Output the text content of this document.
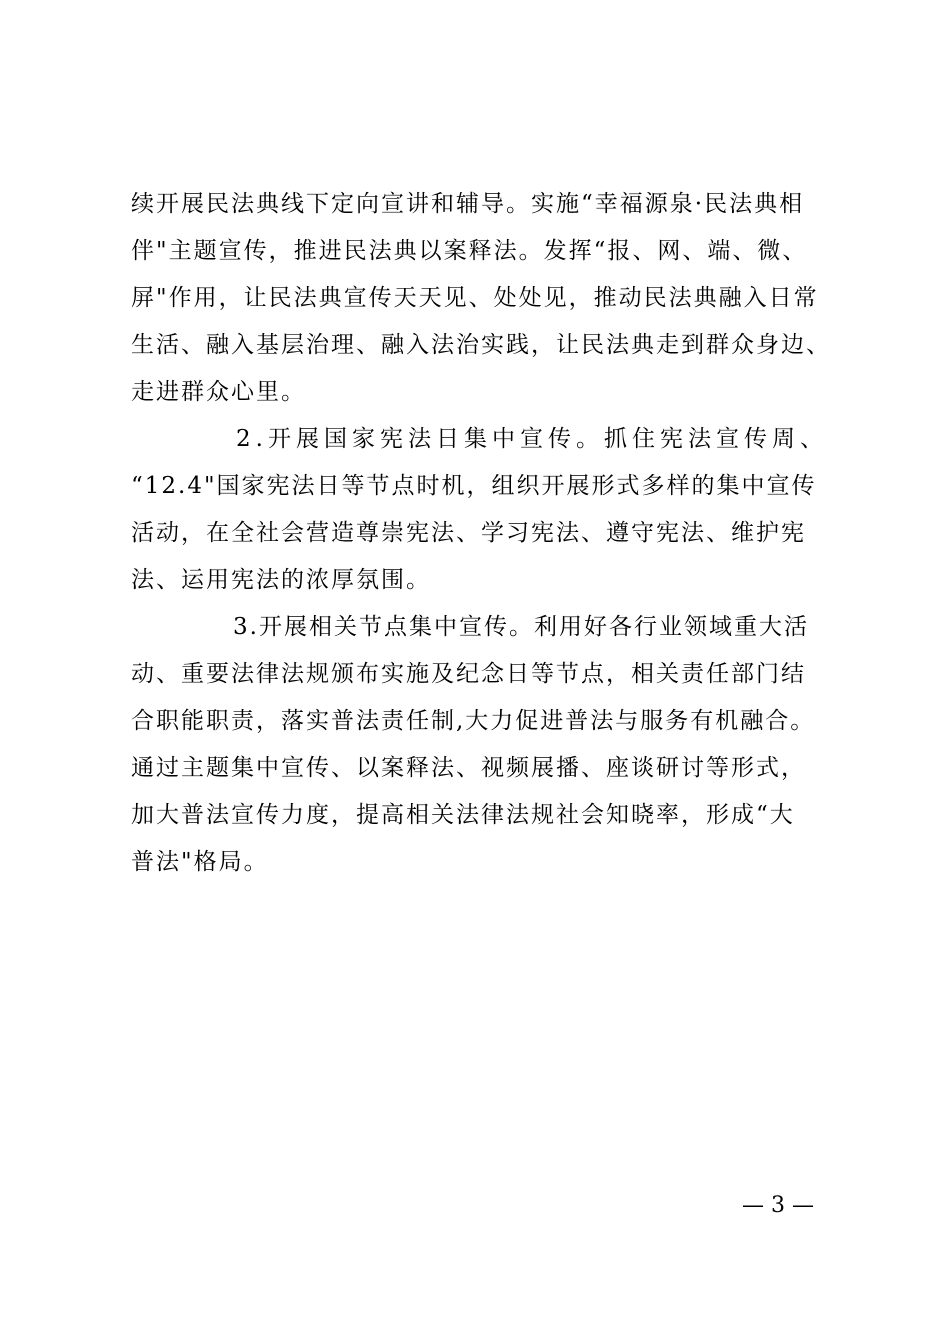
续开展民法典线下定向宣讲和辅导。实施“幸福源泉·民法典相
伴"主题宣传，推进民法典以案释法。发挥“报、网、端、微、
屏"作用，让民法典宣传天天见、处处见，推动民法典融入日常
生活、融入基层治理、融入法治实践，让民法典走到群众身边、
走进群众心里。
2.开展国家宪法日集中宣传。抓住宪法宣传周、
“12.4"国家宪法日等节点时机，组织开展形式多样的集中宣传
活动，在全社会营造尊崇宪法、学习宪法、遵守宪法、维护宪
法、运用宪法的浓厚氛围。
3.开展相关节点集中宣传。利用好各行业领域重大活
动、重要法律法规颁布实施及纪念日等节点，相关责任部门结
合职能职责，落实普法责任制,大力促进普法与服务有机融合。
通过主题集中宣传、以案释法、视频展播、座谈研讨等形式，
加大普法宣传力度，提高相关法律法规社会知晓率，形成“大
普法"格局。
— 3 —
